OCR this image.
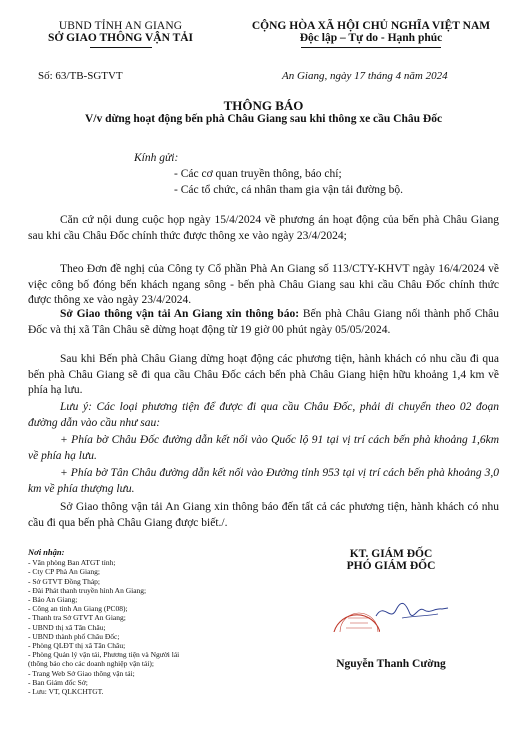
UBND TỈNH AN GIANG
SỞ GIAO THÔNG VẬN TẢI
CỘNG HÒA XÃ HỘI CHỦ NGHĨA VIỆT NAM
Độc lập – Tự do - Hạnh phúc
Số: 63/TB-SGTVT	An Giang, ngày 17 tháng 4 năm 2024
THÔNG BÁO
V/v dừng hoạt động bến phà Châu Giang sau khi thông xe cầu Châu Đốc
Kính gửi:
- Các cơ quan truyền thông, báo chí;
- Các tổ chức, cá nhân tham gia vận tải đường bộ.
Căn cứ nội dung cuộc họp ngày 15/4/2024 về phương án hoạt động của bến phà Châu Giang sau khi cầu Châu Đốc chính thức được thông xe vào ngày 23/4/2024;
Theo Đơn đề nghị của Công ty Cổ phần Phà An Giang số 113/CTY-KHVT ngày 16/4/2024 về việc công bố đóng bến khách ngang sông - bến phà Châu Giang sau khi cầu Châu Đốc chính thức được thông xe vào ngày 23/4/2024.
Sở Giao thông vận tải An Giang xin thông báo: Bến phà Châu Giang nối thành phố Châu Đốc và thị xã Tân Châu sẽ dừng hoạt động từ 19 giờ 00 phút ngày 05/05/2024.
Sau khi Bến phà Châu Giang dừng hoạt động các phương tiện, hành khách có nhu cầu đi qua bến phà Châu Giang sẽ đi qua cầu Châu Đốc cách bến phà Châu Giang hiện hữu khoảng 1,4 km về phía hạ lưu.
Lưu ý: Các loại phương tiện để được đi qua cầu Châu Đốc, phải di chuyển theo 02 đoạn đường dẫn vào cầu như sau:
+ Phía bờ Châu Đốc đường dẫn kết nối vào Quốc lộ 91 tại vị trí cách bến phà khoảng 1,6km về phía hạ lưu.
+ Phía bờ Tân Châu đường dẫn kết nối vào Đường tỉnh 953 tại vị trí cách bến phà khoảng 3,0 km về phía thượng lưu.
Sở Giao thông vận tải An Giang xin thông báo đến tất cả các phương tiện, hành khách có nhu cầu đi qua bến phà Châu Giang được biết./.
Nơi nhận:
- Văn phòng Ban ATGT tỉnh;
- Cty CP Phà An Giang;
- Sở GTVT Đồng Tháp;
- Đài Phát thanh truyền hình An Giang;
- Báo An Giang;
- Công an tỉnh An Giang (PC08);
- Thanh tra Sở GTVT An Giang;
- UBND thị xã Tân Châu;
- UBND thành phố Châu Đốc;
- Phòng QLĐT thị xã Tân Châu;
- Phòng Quản lý vận tải, Phương tiện và Người lái
(thông báo cho các doanh nghiệp vận tải);
- Trang Web Sở Giao thông vận tải;
- Ban Giám đốc Sở;
- Lưu: VT, QLKCHTGT.
KT. GIÁM ĐỐC
PHÓ GIÁM ĐỐC
Nguyễn Thanh Cường
